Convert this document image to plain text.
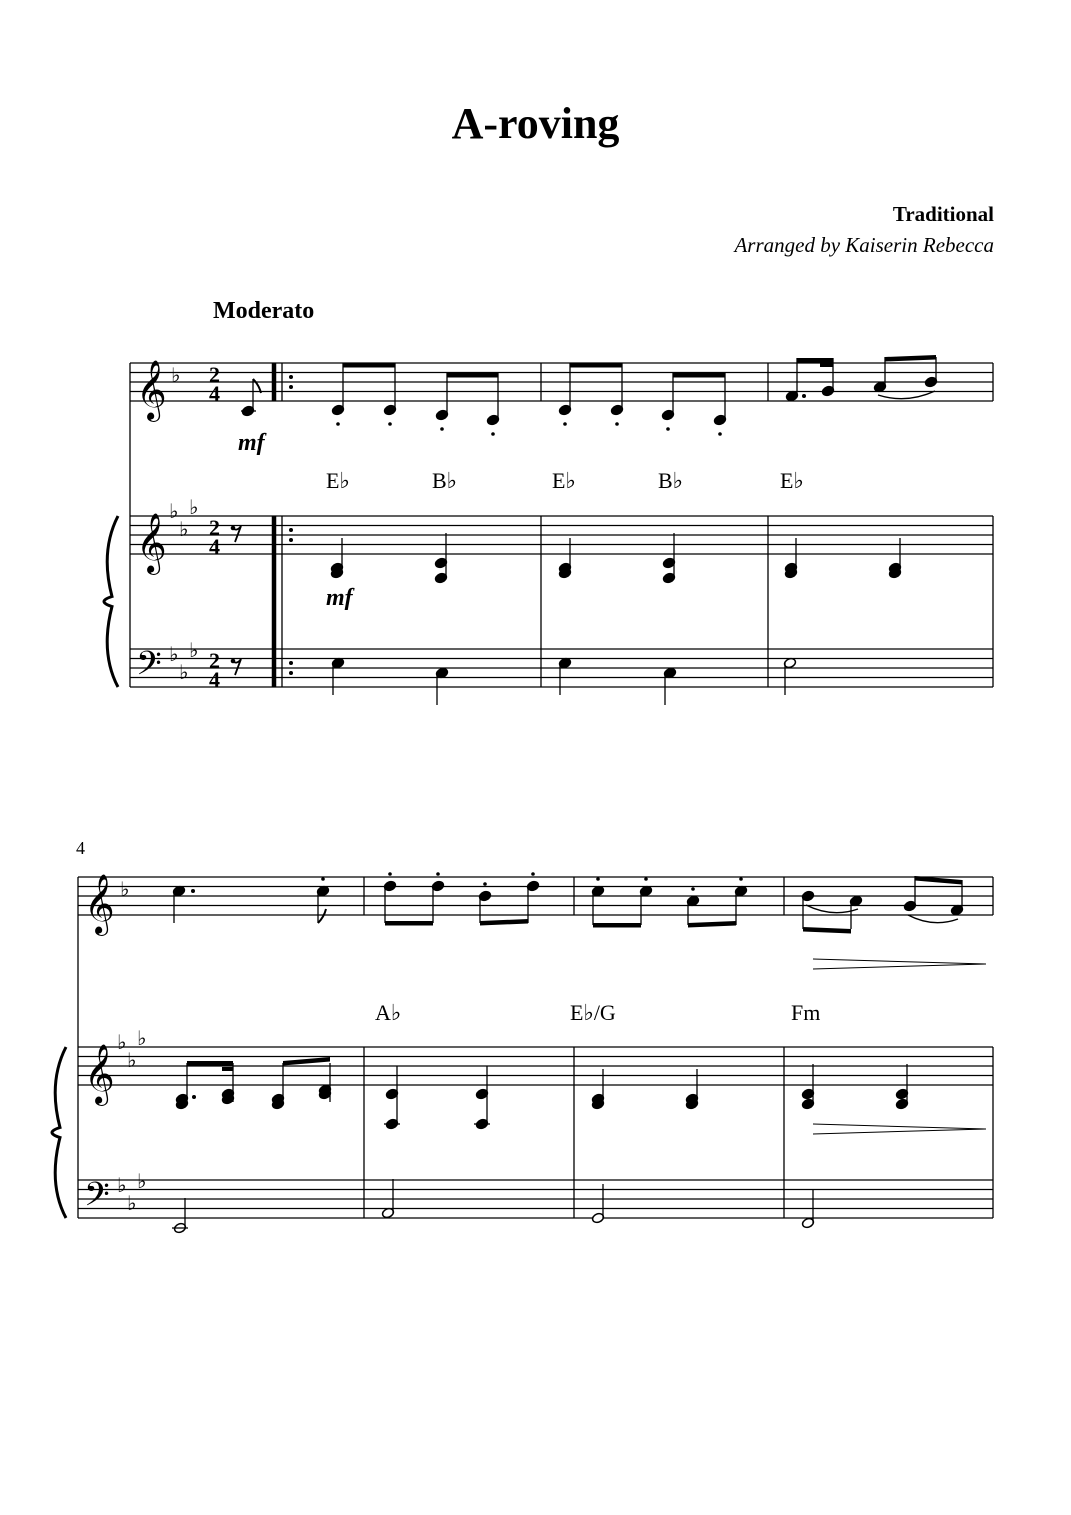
A-roving
Traditional
Arranged by Kaiserin Rebecca
Moderato
4
E♭	B♭	E♭	B♭	E♭
A♭	E♭/G	Fm
mf
mf
𝄞
𝄞
𝄢
♭
♭
♭
♭
♭
♭
♭
2
4
2
4
2
4
𝄞
𝄞
𝄢
♭
♭
♭
♭
♭
♭
♭
